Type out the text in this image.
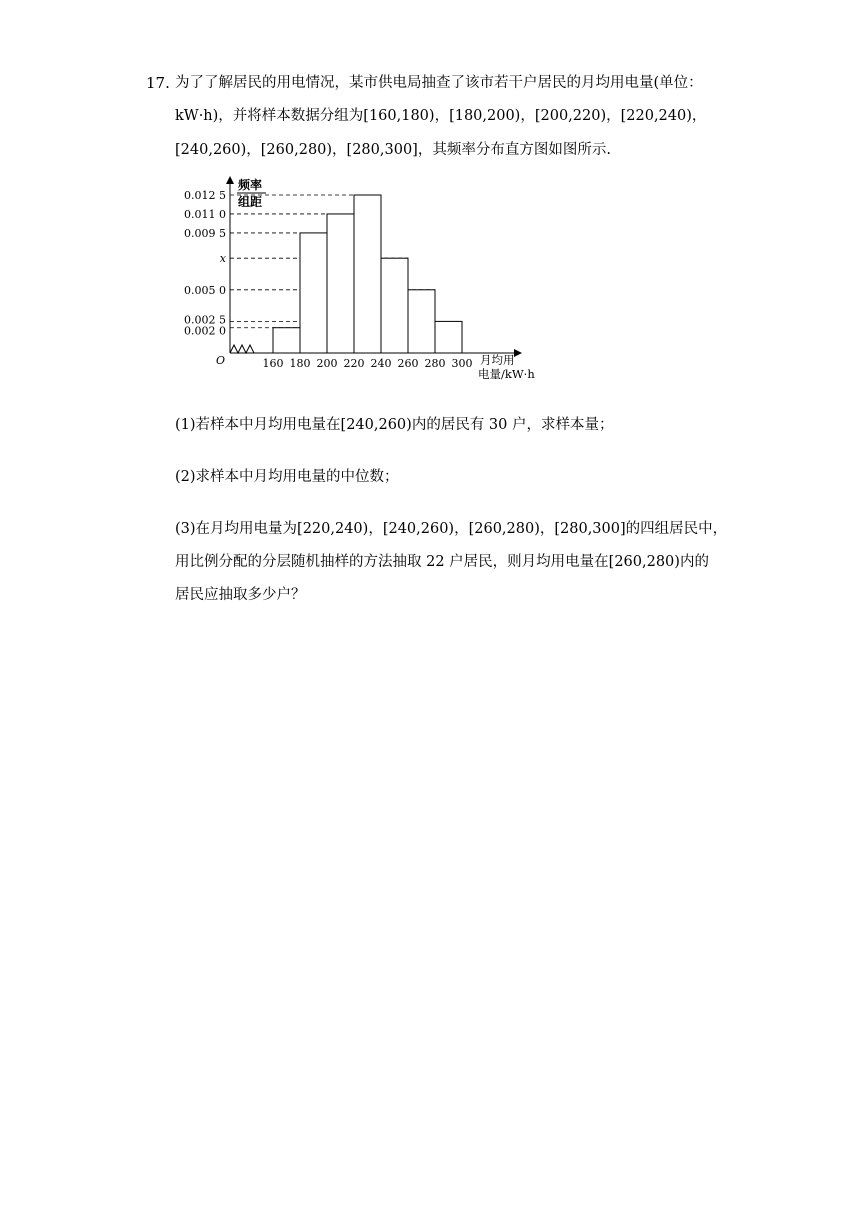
17. 为了了解居民的用电情况，某市供电局抽查了该市若干户居民的月均用电量(单位：
kW·h)，并将样本数据分组为[160,180)，[180,200)，[200,220)，[220,240)，
[240,260)，[260,280)，[280,300]，其频率分布直方图如图所示.
频率
组距
O	月均用
电量/kW·h
0.012 5
0.011 0
0.009 5
x
0.005 0
0.002 5
0.002 0
160 180 200 220 240 260 280 300
(1)若样本中月均用电量在[240,260)内的居民有 30 户，求样本量；
(2)求样本中月均用电量的中位数；
(3)在月均用电量为[220,240)，[240,260)，[260,280)，[280,300]的四组居民中，
用比例分配的分层随机抽样的方法抽取 22 户居民，则月均用电量在[260,280)内的
居民应抽取多少户？
